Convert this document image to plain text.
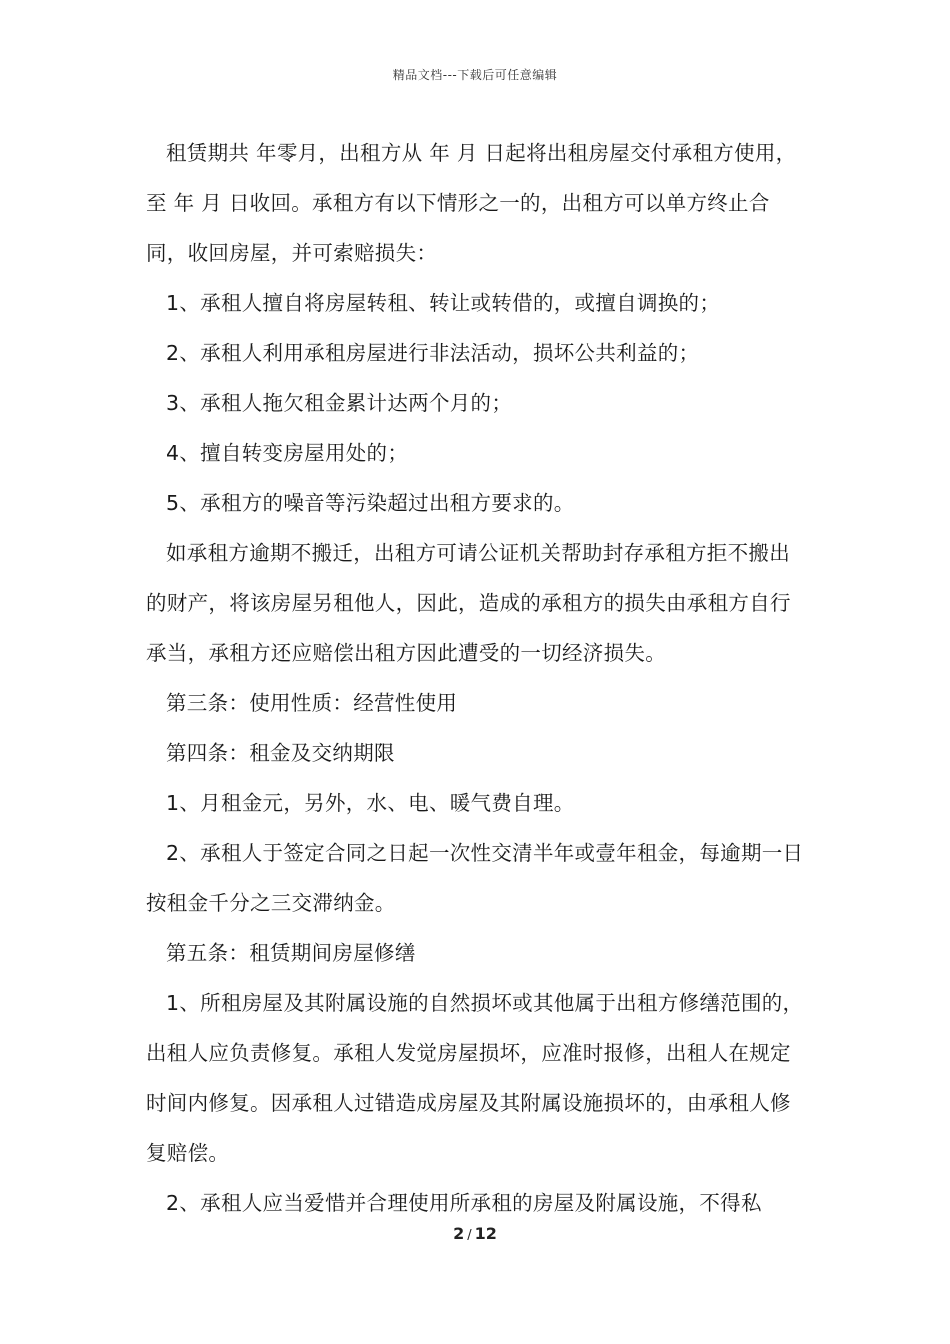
精品文档---下载后可任意编辑

租赁期共 年零月，出租方从 年 月 日起将出租房屋交付承租方使用，至 年 月 日收回。承租方有以下情形之一的，出租方可以单方终止合同，收回房屋，并可索赔损失：

1、承租人擅自将房屋转租、转让或转借的，或擅自调换的；

2、承租人利用承租房屋进行非法活动，损坏公共利益的；

3、承租人拖欠租金累计达两个月的；

4、擅自转变房屋用处的；

5、承租方的噪音等污染超过出租方要求的。

如承租方逾期不搬迁，出租方可请公证机关帮助封存承租方拒不搬出的财产，将该房屋另租他人，因此，造成的承租方的损失由承租方自行承当，承租方还应赔偿出租方因此遭受的一切经济损失。

第三条：使用性质：经营性使用

第四条：租金及交纳期限

1、月租金元，另外，水、电、暖气费自理。

2、承租人于签定合同之日起一次性交清半年或壹年租金，每逾期一日按租金千分之三交滞纳金。

第五条：租赁期间房屋修缮

1、所租房屋及其附属设施的自然损坏或其他属于出租方修缮范围的，出租人应负责修复。承租人发觉房屋损坏，应准时报修，出租人在规定时间内修复。因承租人过错造成房屋及其附属设施损坏的，由承租人修复赔偿。

2、承租人应当爱惜并合理使用所承租的房屋及附属设施，不得私

2 / 12
